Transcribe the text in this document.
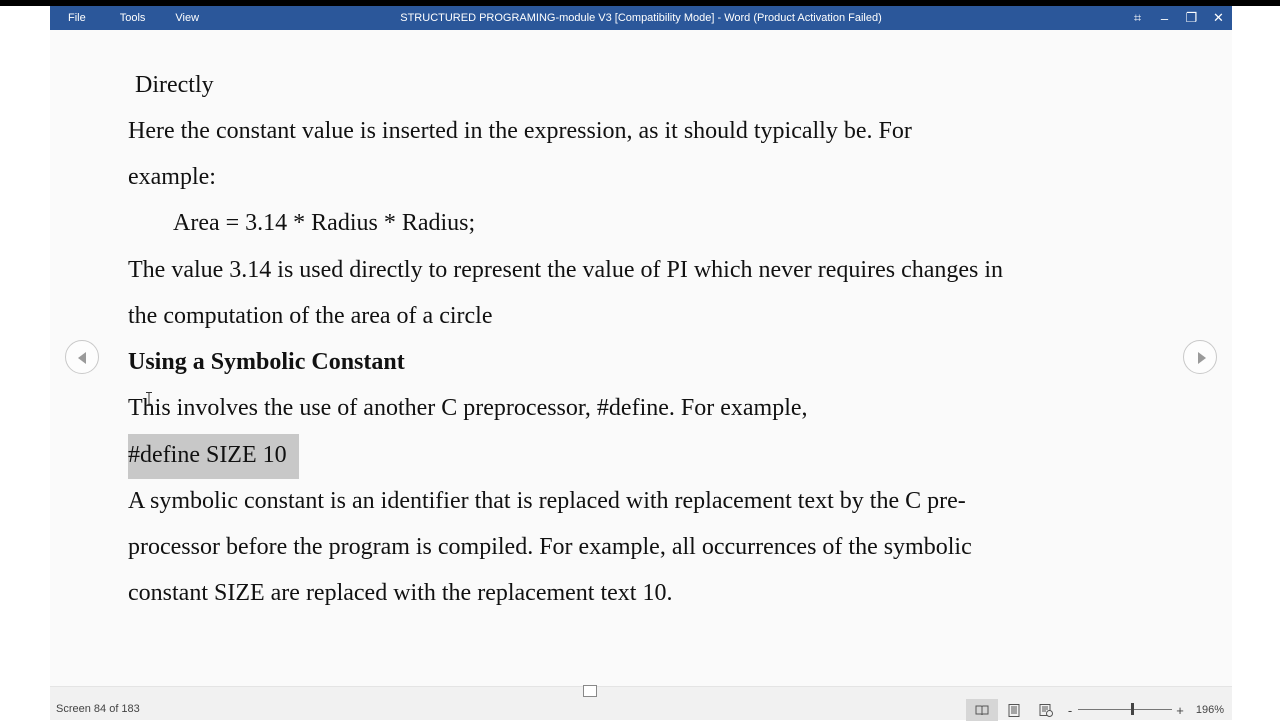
File	Tools	View	STRUCTURED PROGRAMING-module V3 [Compatibility Mode] - Word (Product Activation Failed)	⌗	–	❐	✕
Directly
Here the constant value is inserted in the expression, as it should typically be. For
example:
Area = 3.14 * Radius * Radius;
The value 3.14 is used directly to represent the value of PI which never requires changes in
the computation of the area of a circle
Using a Symbolic Constant
This involves the use of another C preprocessor, #define. For example,
#define SIZE 10
A symbolic constant is an identifier that is replaced with replacement text by the C pre-
processor before the program is compiled. For example, all occurrences of the symbolic
constant SIZE are replaced with the replacement text 10.
Screen 84 of 183	-	+	196%
